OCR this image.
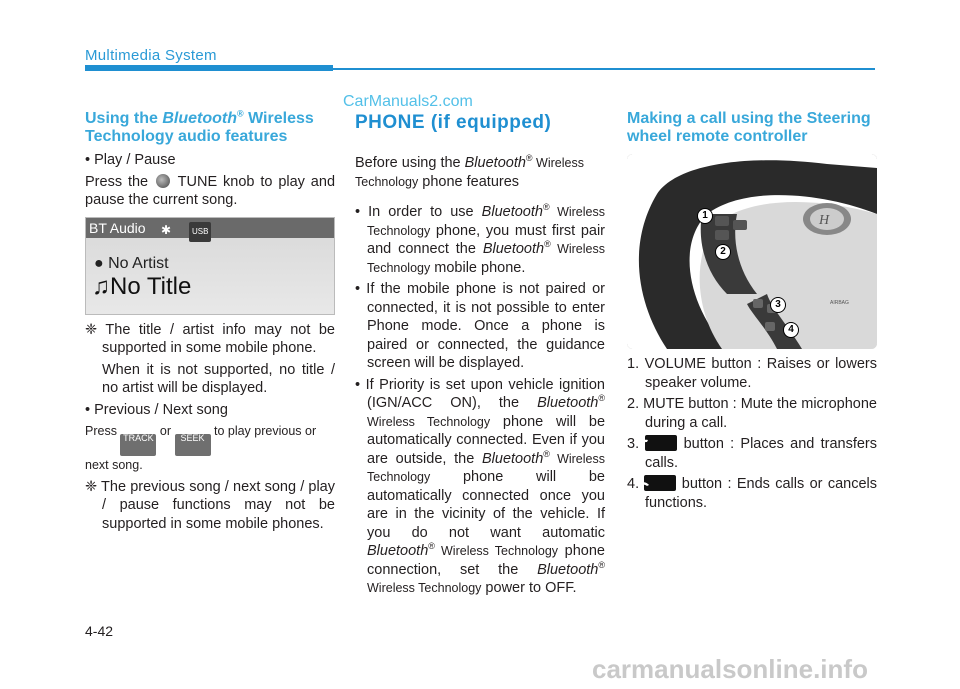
Multimedia System
CarManuals2.com
Using the Bluetooth® Wireless Technology audio features

• Play / Pause

Press the  TUNE knob to play and pause the current song.

BT Audio ✱	USB
● No Artist
♫No Title

❈ The title / artist info may not be supported in some mobile phone.

When it is not supported, no title / no artist will be displayed.

• Previous / Next song

Press TRACK or SEEK to play previous or next song.

❈ The previous song / next song / play / pause functions may not be supported in some mobile phones.

PHONE (if equipped)

Before using the Bluetooth® Wireless Technology phone features

• In order to use Bluetooth® Wireless Technology phone, you must first pair and connect the Bluetooth® Wireless Technology mobile phone.

• If the mobile phone is not paired or connected, it is not possible to enter Phone mode. Once a phone is paired or connected, the guidance screen will be displayed.

• If Priority is set upon vehicle ignition (IGN/ACC ON), the Bluetooth® Wireless Technology phone will be automatically connected. Even if you are outside, the Bluetooth® Wireless Technology phone will be automatically connected once you are in the vicinity of the vehicle. If you do not want automatic Bluetooth® Wireless Technology phone connection, set the Bluetooth® Wireless Technology power to OFF.

Making a call using the Steering wheel remote controller
H
AIRBAG
1
2
3
4

1. VOLUME button : Raises or lowers speaker volume.

2. MUTE button : Mute the microphone during a call.

button : Places and transfers calls.

button : Ends calls or cancels functions.

4-42
carmanualsonline.info
